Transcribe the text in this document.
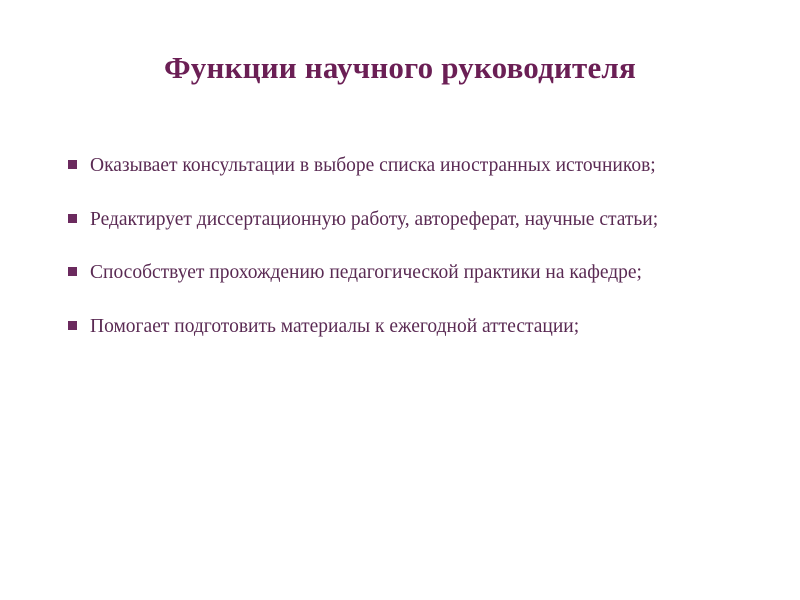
Функции научного руководителя
Оказывает консультации в выборе списка иностранных источников;
Редактирует диссертационную работу, автореферат, научные статьи;
Способствует прохождению педагогической практики на кафедре;
Помогает подготовить материалы к ежегодной аттестации;
